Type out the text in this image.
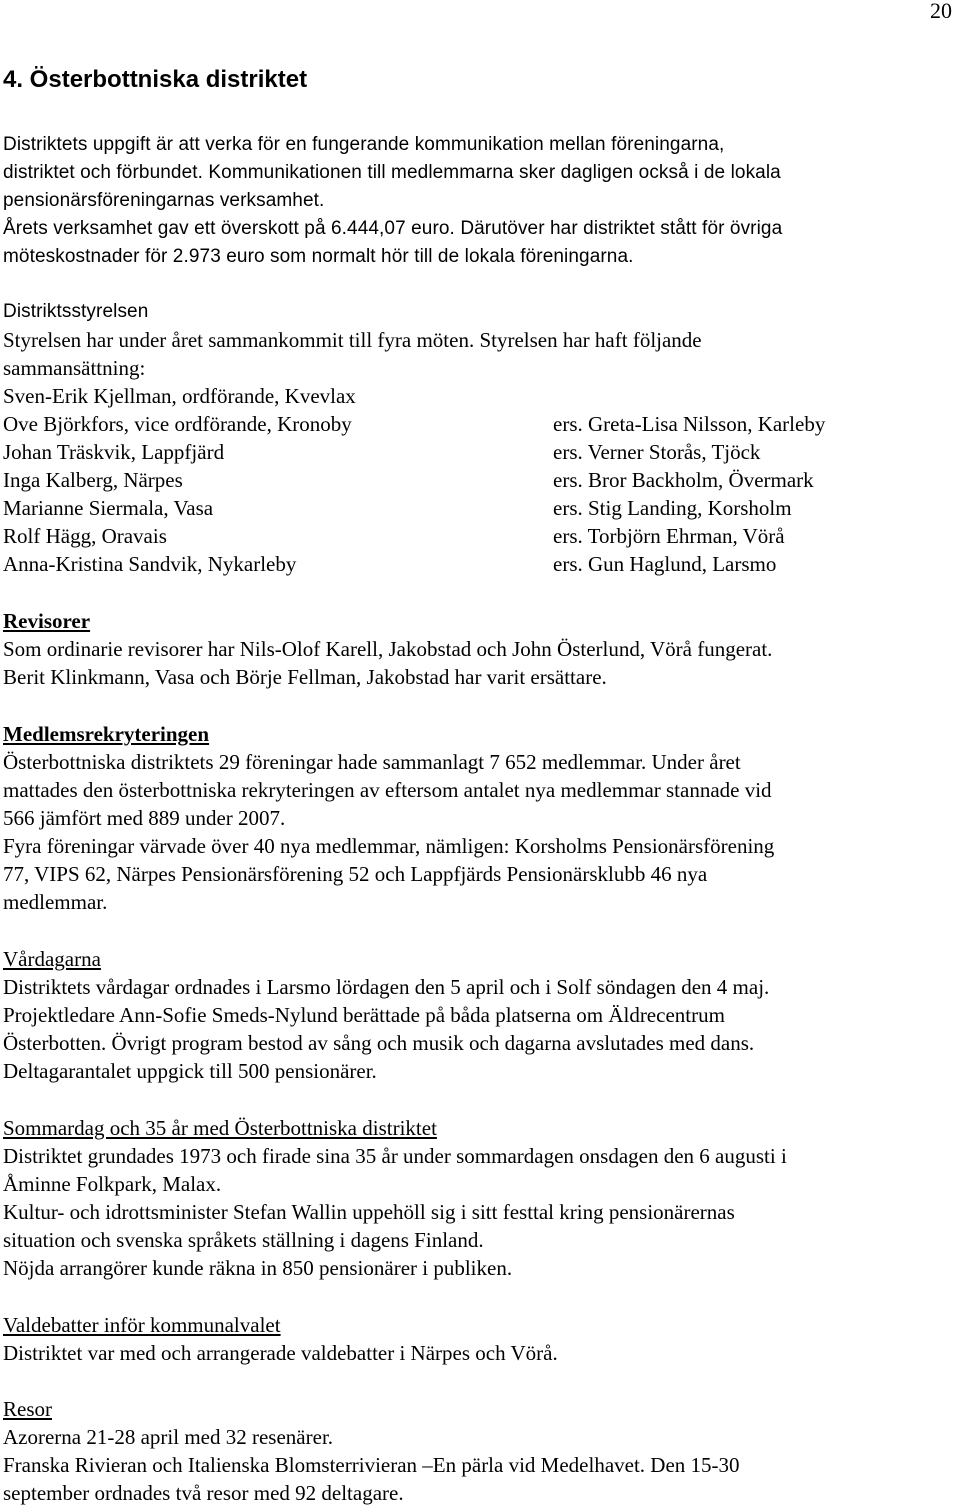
20
4. Österbottniska distriktet
Distriktets uppgift är att verka för en fungerande kommunikation mellan föreningarna,
distriktet och förbundet. Kommunikationen till medlemmarna sker dagligen också i de lokala
pensionärsföreningarnas verksamhet.
Årets verksamhet gav ett överskott på 6.444,07 euro. Därutöver har distriktet stått för övriga
möteskostnader för 2.973 euro som normalt hör till de lokala föreningarna.
Distriktsstyrelsen
Styrelsen har under året sammankommit till fyra möten. Styrelsen har haft följande
sammansättning:
Sven-Erik Kjellman, ordförande, Kvevlax
Ove Björkfors, vice ordförande, Kronoby	ers. Greta-Lisa Nilsson, Karleby
Johan Träskvik, Lappfjärd	ers. Verner Storås, Tjöck
Inga Kalberg, Närpes	ers. Bror Backholm, Övermark
Marianne Siermala, Vasa	ers. Stig Landing, Korsholm
Rolf Hägg, Oravais	ers. Torbjörn Ehrman, Vörå
Anna-Kristina Sandvik, Nykarleby	ers. Gun Haglund, Larsmo
Revisorer
Som ordinarie revisorer har Nils-Olof Karell, Jakobstad och John Österlund, Vörå fungerat.
Berit Klinkmann, Vasa och Börje Fellman, Jakobstad har varit ersättare.
Medlemsrekryteringen
Österbottniska distriktets 29 föreningar hade sammanlagt 7 652 medlemmar. Under året
mattades den österbottniska rekryteringen av eftersom antalet nya medlemmar stannade vid
566 jämfört med 889 under 2007.
Fyra föreningar värvade över 40 nya medlemmar, nämligen: Korsholms Pensionärsförening
77, VIPS 62, Närpes Pensionärsförening 52 och Lappfjärds Pensionärsklubb 46 nya
medlemmar.
Vårdagarna
Distriktets vårdagar ordnades i Larsmo lördagen den 5 april och i Solf söndagen den 4 maj.
Projektledare Ann-Sofie Smeds-Nylund berättade på båda platserna om Äldrecentrum
Österbotten. Övrigt program bestod av sång och musik och dagarna avslutades med dans.
Deltagarantalet uppgick till 500 pensionärer.
Sommardag och 35 år med Österbottniska distriktet
Distriktet grundades 1973 och firade sina 35 år under sommardagen onsdagen den 6 augusti i
Åminne Folkpark, Malax.
Kultur- och idrottsminister Stefan Wallin uppehöll sig i sitt festtal kring pensionärernas
situation och svenska språkets ställning i dagens Finland.
Nöjda arrangörer kunde räkna in 850 pensionärer i publiken.
Valdebatter inför kommunalvalet
Distriktet var med och arrangerade valdebatter i Närpes och Vörå.
Resor
Azorerna 21-28 april med 32 resenärer.
Franska Rivieran och Italienska Blomsterrivieran –En pärla vid Medelhavet. Den 15-30
september ordnades två resor med 92 deltagare.
